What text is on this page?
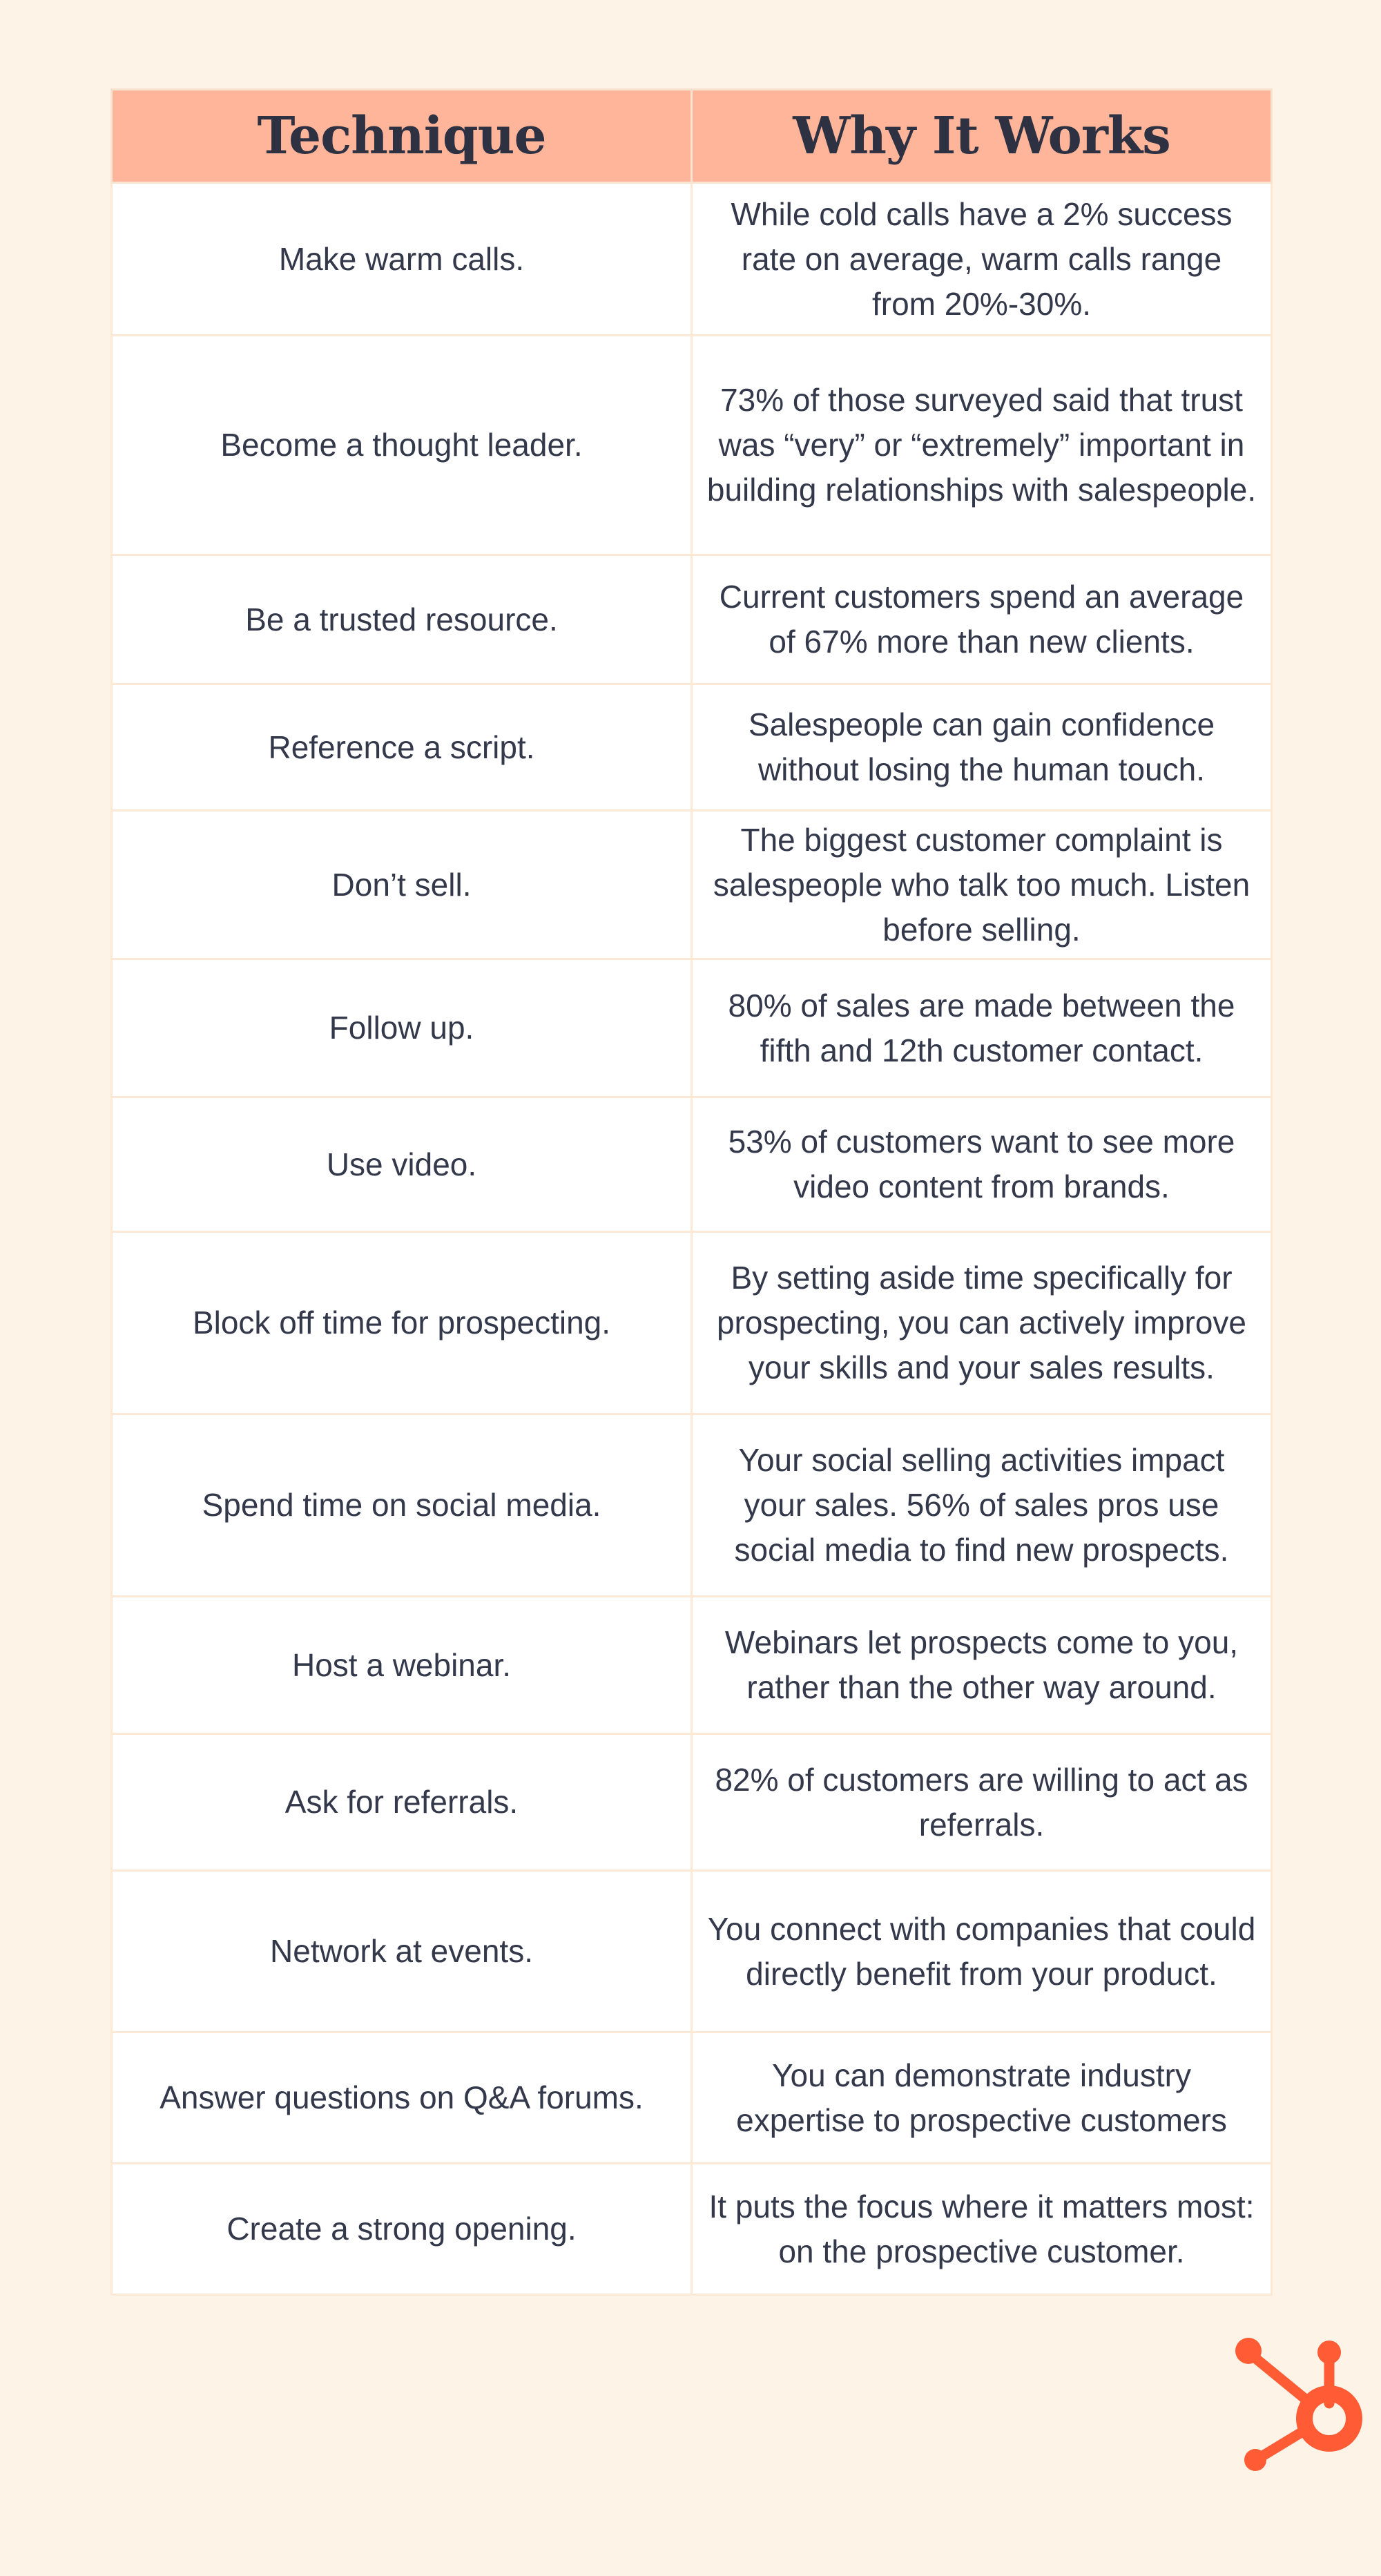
Technique	Why It Works
Make warm calls.	While cold calls have a 2% success rate on average, warm calls range from 20%-30%.
Become a thought leader.	73% of those surveyed said that trust was “very” or “extremely” important in building relationships with salespeople.
Be a trusted resource.	Current customers spend an average of 67% more than new clients.
Reference a script.	Salespeople can gain confidence without losing the human touch.
Don’t sell.	The biggest customer complaint is salespeople who talk too much. Listen before selling.
Follow up.	80% of sales are made between the fifth and 12th customer contact.
Use video.	53% of customers want to see more video content from brands.
Block off time for prospecting.	By setting aside time specifically for prospecting, you can actively improve your skills and your sales results.
Spend time on social media.	Your social selling activities impact your sales. 56% of sales pros use social media to find new prospects.
Host a webinar.	Webinars let prospects come to you, rather than the other way around.
Ask for referrals.	82% of customers are willing to act as referrals.
Network at events.	You connect with companies that could directly benefit from your product.
Answer questions on Q&A forums.	You can demonstrate industry expertise to prospective customers
Create a strong opening.	It puts the focus where it matters most: on the prospective customer.
